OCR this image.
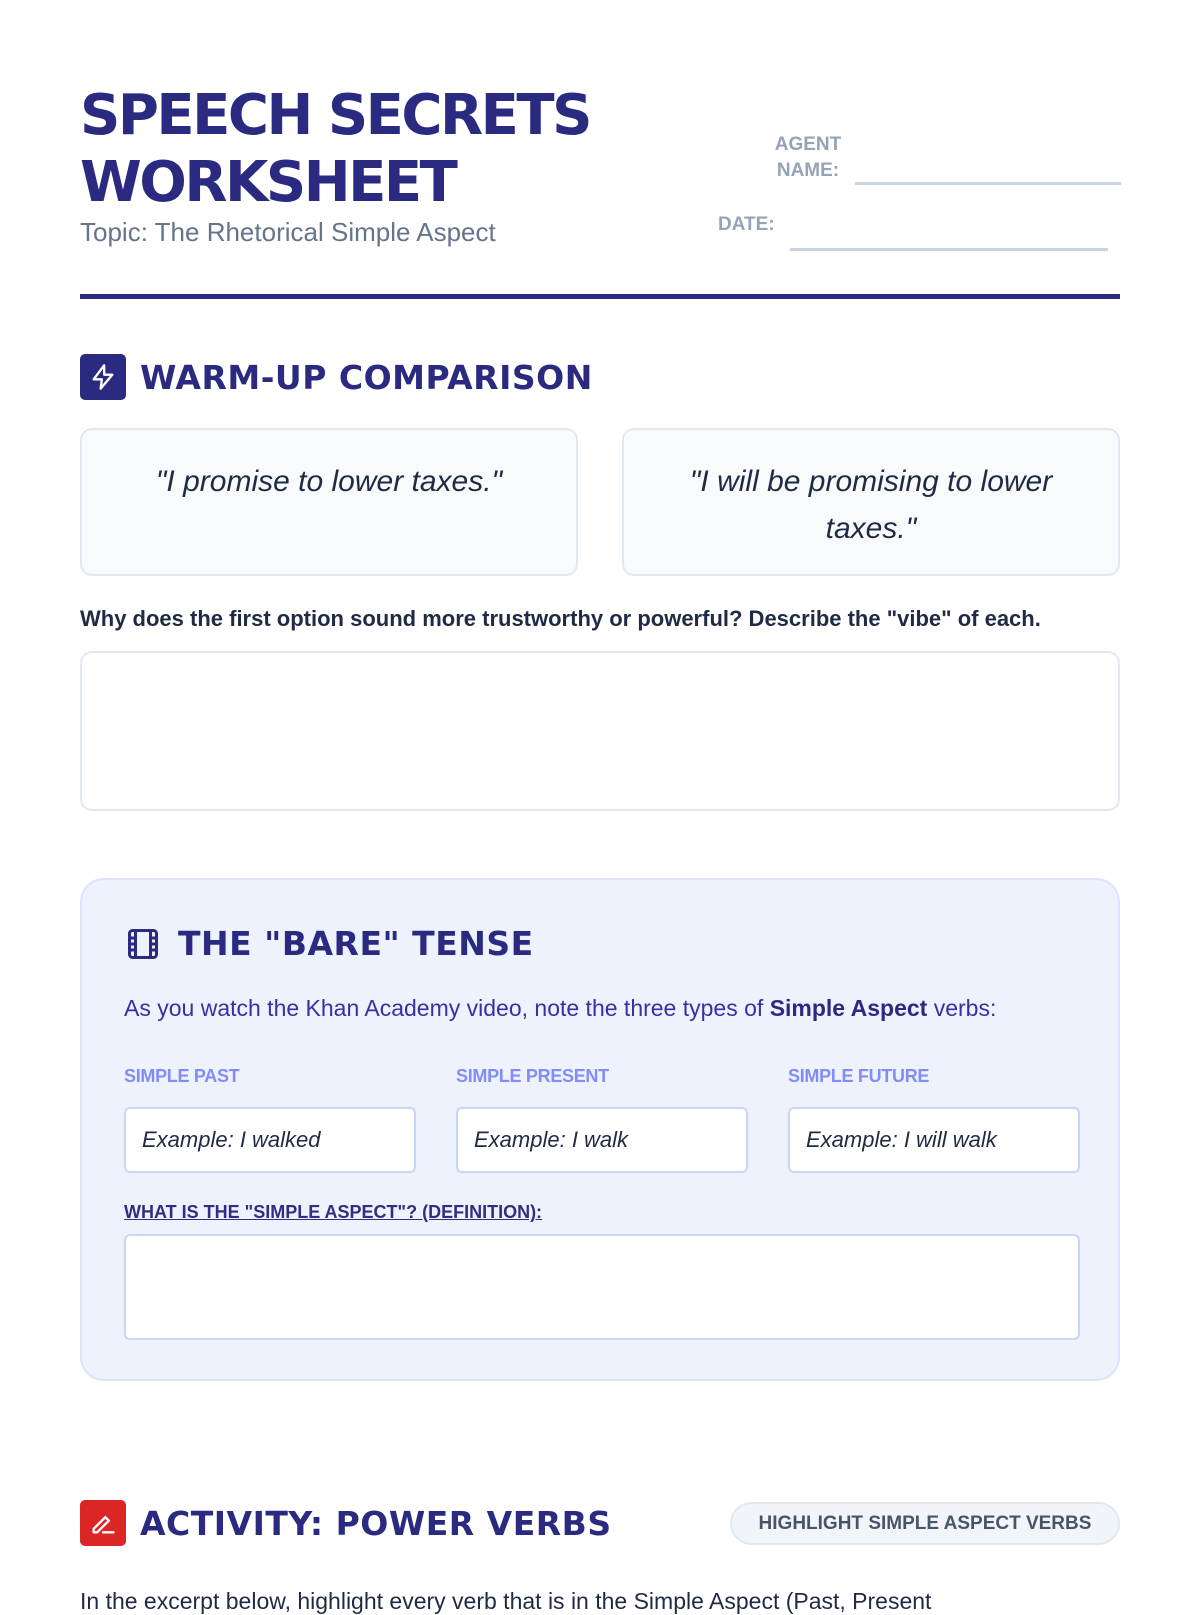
SPEECH SECRETS
WORKSHEET
Topic: The Rhetorical Simple Aspect
AGENT NAME:
DATE:
WARM-UP COMPARISON
"I promise to lower taxes."	"I will be promising to lower taxes."
Why does the first option sound more trustworthy or powerful? Describe the "vibe" of each.
THE "BARE" TENSE
As you watch the Khan Academy video, note the three types of Simple Aspect verbs:
SIMPLE PAST	SIMPLE PRESENT	SIMPLE FUTURE
Example: I walked	Example: I walk	Example: I will walk
WHAT IS THE "SIMPLE ASPECT"? (DEFINITION):
ACTIVITY: POWER VERBS	HIGHLIGHT SIMPLE ASPECT VERBS
In the excerpt below, highlight every verb that is in the Simple Aspect (Past, Present
